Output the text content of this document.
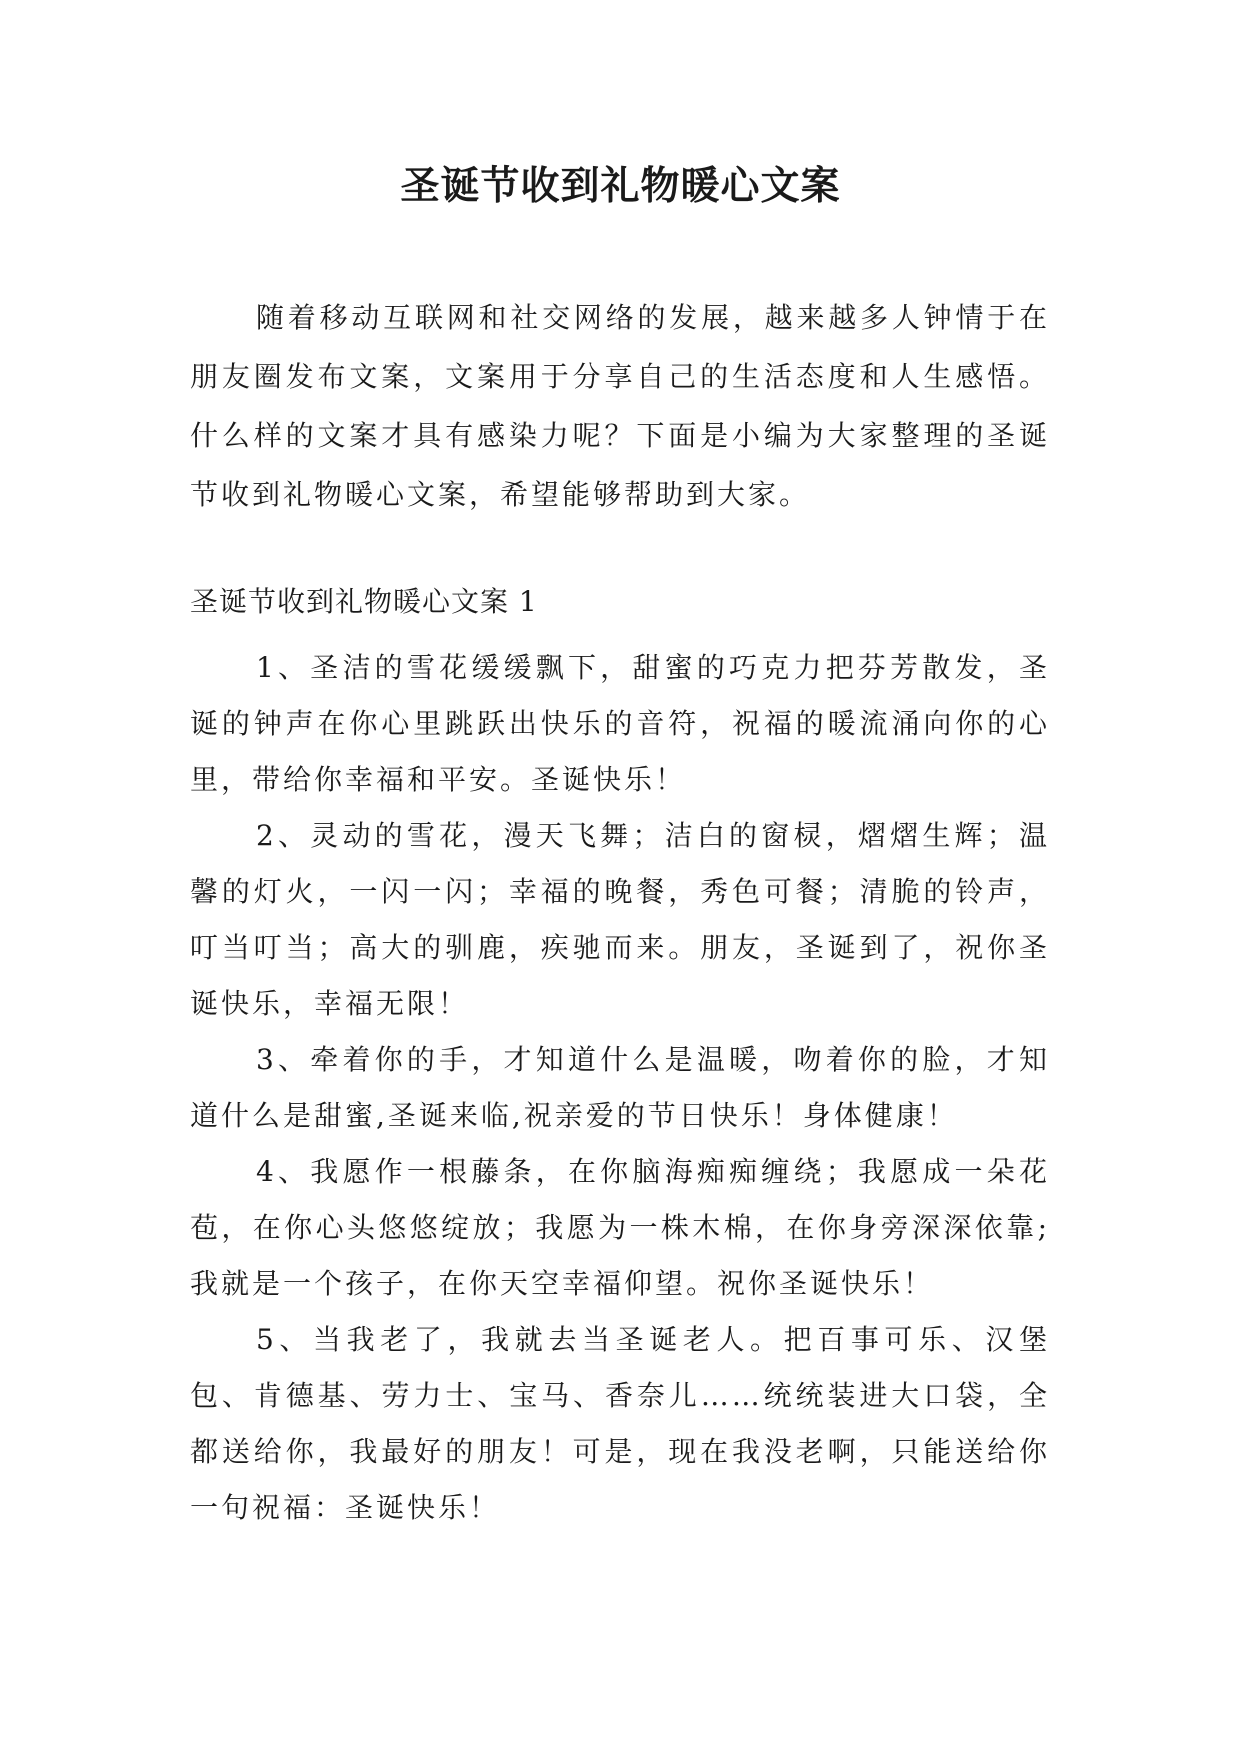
圣诞节收到礼物暖心文案

随着移动互联网和社交网络的发展，越来越多人钟情于在朋友圈发布文案，文案用于分享自己的生活态度和人生感悟。什么样的文案才具有感染力呢？下面是小编为大家整理的圣诞节收到礼物暖心文案，希望能够帮助到大家。

圣诞节收到礼物暖心文案 1
1、圣洁的雪花缓缓飘下，甜蜜的巧克力把芬芳散发，圣诞的钟声在你心里跳跃出快乐的音符，祝福的暖流涌向你的心里，带给你幸福和平安。圣诞快乐！
2、灵动的雪花，漫天飞舞；洁白的窗棂，熠熠生辉；温馨的灯火，一闪一闪；幸福的晚餐，秀色可餐；清脆的铃声，叮当叮当；高大的驯鹿，疾驰而来。朋友，圣诞到了，祝你圣诞快乐，幸福无限！
3、牵着你的手，才知道什么是温暖，吻着你的脸，才知道什么是甜蜜,圣诞来临,祝亲爱的节日快乐！身体健康！
4、我愿作一根藤条，在你脑海痴痴缠绕；我愿成一朵花苞，在你心头悠悠绽放；我愿为一株木棉，在你身旁深深依靠; 我就是一个孩子，在你天空幸福仰望。祝你圣诞快乐！
5、当我老了，我就去当圣诞老人。把百事可乐、汉堡包、肯德基、劳力士、宝马、香奈儿……统统装进大口袋，全都送给你，我最好的朋友！可是，现在我没老啊，只能送给你一句祝福：圣诞快乐！
